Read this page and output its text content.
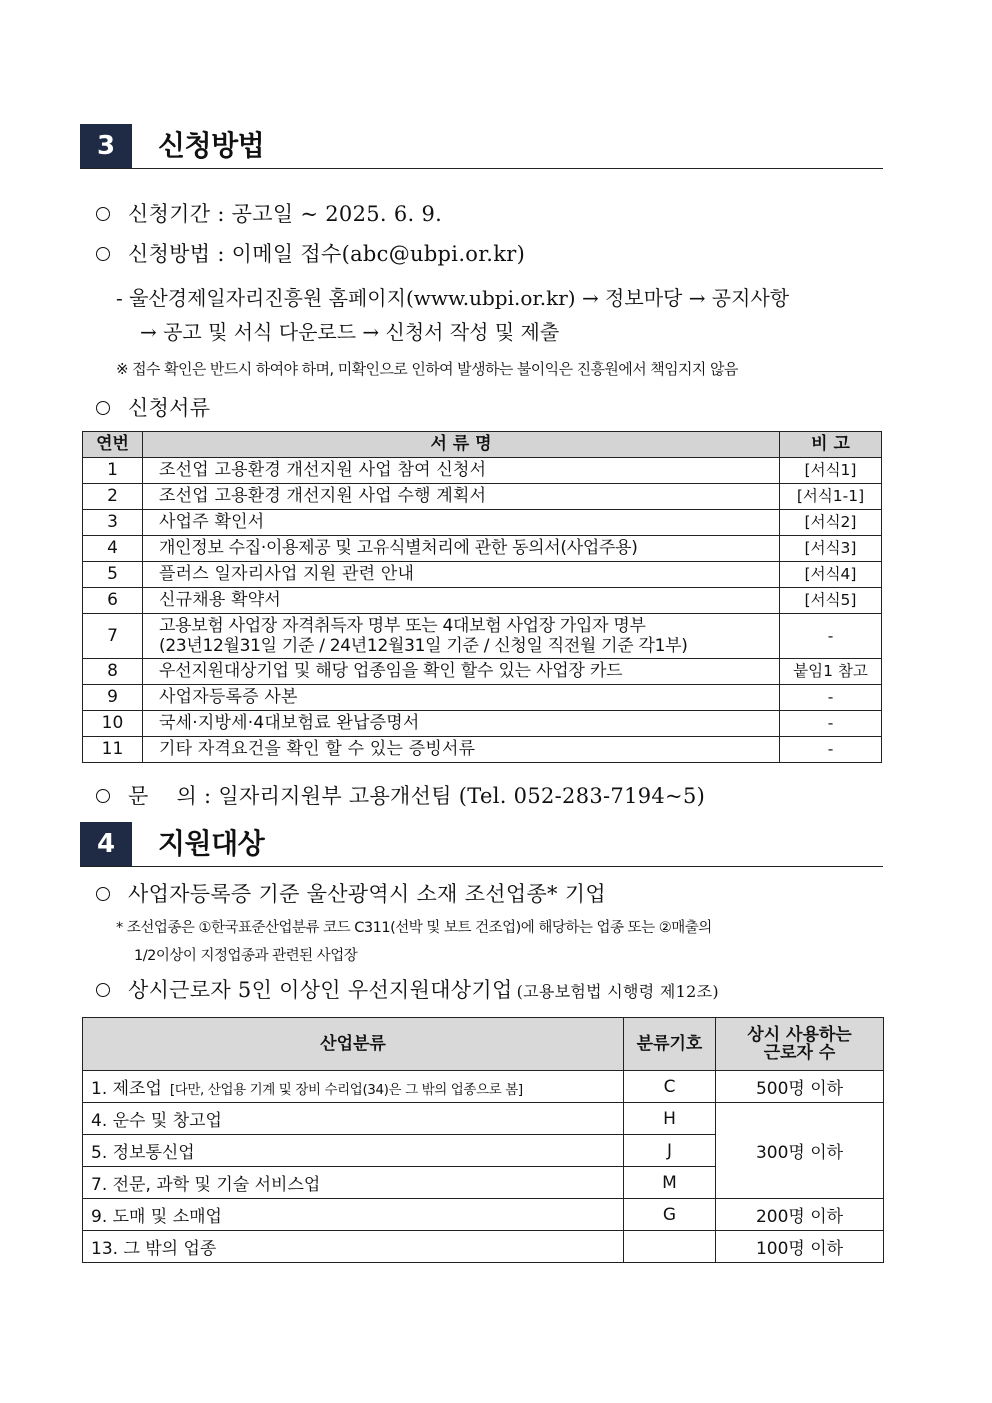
3	신청방법
신청기간 : 공고일 ~ 2025. 6. 9.
신청방법 : 이메일 접수(abc@ubpi.or.kr)
- 울산경제일자리진흥원 홈페이지(www.ubpi.or.kr) → 정보마당 → 공지사항
→ 공고 및 서식 다운로드 → 신청서 작성 및 제출
※ 접수 확인은 반드시 하여야 하며, 미확인으로 인하여 발생하는 불이익은 진흥원에서 책임지지 않음
신청서류
연번	서 류 명	비 고
1	조선업 고용환경 개선지원 사업 참여 신청서	[서식1]
2	조선업 고용환경 개선지원 사업 수행 계획서	[서식1-1]
3	사업주 확인서	[서식2]
4	개인정보 수집·이용제공 및 고유식별처리에 관한 동의서(사업주용)	[서식3]
5	플러스 일자리사업 지원 관련 안내	[서식4]
6	신규채용 확약서	[서식5]
7	고용보험 사업장 자격취득자 명부 또는 4대보험 사업장 가입자 명부
(23년12월31일 기준 / 24년12월31일 기준 / 신청일 직전월 기준 각1부)	-
8	우선지원대상기업 및 해당 업종임을 확인 할수 있는 사업장 카드	붙임1 참고
9	사업자등록증 사본	-
10	국세·지방세·4대보험료 완납증명서	-
11	기타 자격요건을 확인 할 수 있는 증빙서류	-
문    의 : 일자리지원부 고용개선팀 (Tel. 052-283-7194~5)
4	지원대상
사업자등록증 기준 울산광역시 소재 조선업종* 기업
* 조선업종은 ①한국표준산업분류 코드 C311(선박 및 보트 건조업)에 해당하는 업종 또는 ②매출의
1/2이상이 지정업종과 관련된 사업장
상시근로자 5인 이상인 우선지원대상기업 (고용보험법 시행령 제12조)
산업분류	분류기호	상시 사용하는
근로자 수

1. 제조업 [다만, 산업용 기계 및 장비 수리업(34)은 그 밖의 업종으로 봄]	C	500명 이하
4. 운수 및 창고업	H	300명 이하
5. 정보통신업	J	
7. 전문, 과학 및 기술 서비스업	M	
9. 도매 및 소매업	G	200명 이하
13. 그 밖의 업종		100명 이하
